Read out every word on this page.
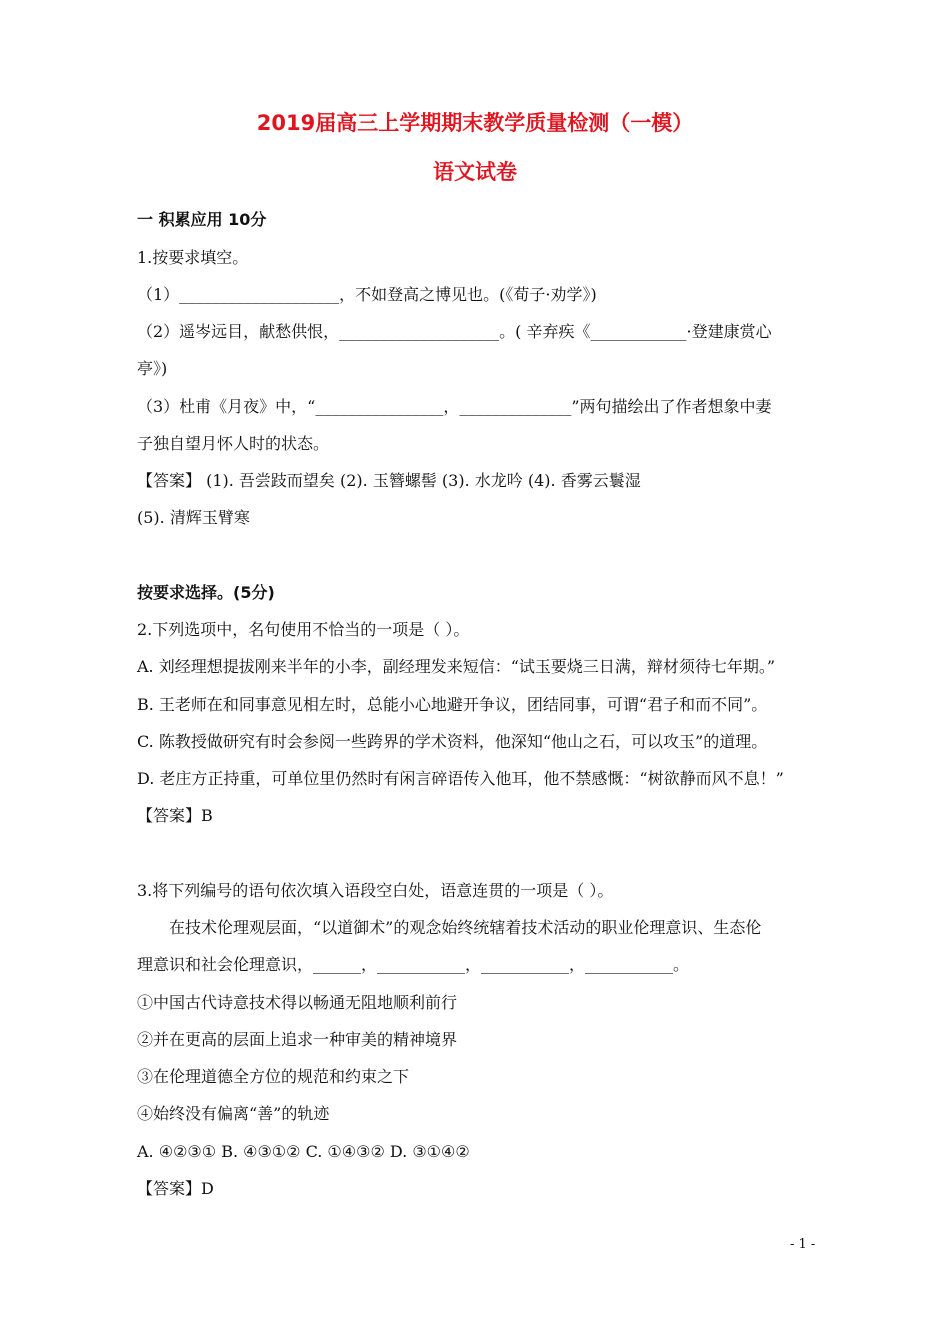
2019届高三上学期期末教学质量检测（一模）
语文试卷
一 积累应用 10分
1.按要求填空。
（1）____________________，不如登高之博见也。(《荀子·劝学》)
（2）遥岑远目，献愁供恨，____________________。( 辛弃疾《____________·登建康赏心
亭》)
（3）杜甫《月夜》中，“________________，______________”两句描绘出了作者想象中妻
子独自望月怀人时的状态。
【答案】 (1). 吾尝跂而望矣 (2). 玉簪螺髻 (3). 水龙吟 (4). 香雾云鬟湿
(5). 清辉玉臂寒
按要求选择。(5分)
2.下列选项中，名句使用不恰当的一项是（ ）。
A. 刘经理想提拔刚来半年的小李，副经理发来短信：“试玉要烧三日满，辩材须待七年期。”
B. 王老师在和同事意见相左时，总能小心地避开争议，团结同事，可谓“君子和而不同”。
C. 陈教授做研究有时会参阅一些跨界的学术资料，他深知“他山之石，可以攻玉”的道理。
D. 老庄方正持重，可单位里仍然时有闲言碎语传入他耳，他不禁感慨：“树欲静而风不息！”
【答案】B
3.将下列编号的语句依次填入语段空白处，语意连贯的一项是（ ）。
在技术伦理观层面，“以道御术”的观念始终统辖着技术活动的职业伦理意识、生态伦
理意识和社会伦理意识，______，___________，___________，___________。
①中国古代诗意技术得以畅通无阻地顺利前行
②并在更高的层面上追求一种审美的精神境界
③在伦理道德全方位的规范和约束之下
④始终没有偏离“善”的轨迹
A. ④②③① B. ④③①② C. ①④③② D. ③①④②
【答案】D
- 1 -
